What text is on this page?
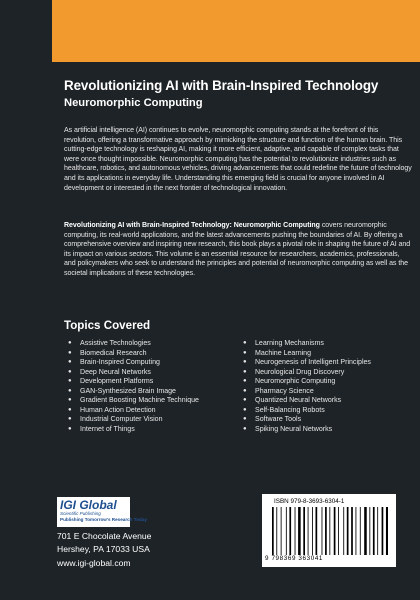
Revolutionizing AI with Brain-Inspired Technology
Neuromorphic Computing

As artificial intelligence (AI) continues to evolve, neuromorphic computing stands at the forefront of this revolution, offering a transformative approach by mimicking the structure and function of the human brain. This cutting-edge technology is reshaping AI, making it more efficient, adaptive, and capable of complex tasks that were once thought impossible. Neuromorphic computing has the potential to revolutionize industries such as healthcare, robotics, and autonomous vehicles, driving advancements that could redefine the future of technology and its applications in everyday life. Understanding this emerging field is crucial for anyone involved in AI development or interested in the next frontier of technological innovation.

Revolutionizing AI with Brain-Inspired Technology: Neuromorphic Computing covers neuromorphic computing, its real-world applications, and the latest advancements pushing the boundaries of AI. By offering a comprehensive overview and inspiring new research, this book plays a pivotal role in shaping the future of AI and its impact on various sectors. This volume is an essential resource for researchers, academics, professionals, and policymakers who seek to understand the principles and potential of neuromorphic computing as well as the societal implications of these technologies.

Topics Covered
● Assistive Technologies
● Biomedical Research
● Brain-Inspired Computing
● Deep Neural Networks
● Development Platforms
● GAN-Synthesized Brain Image
● Gradient Boosting Machine Technique
● Human Action Detection
● Industrial Computer Vision
● Internet of Things
● Learning Mechanisms
● Machine Learning
● Neurogenesis of Intelligent Principles
● Neurological Drug Discovery
● Neuromorphic Computing
● Pharmacy Science
● Quantized Neural Networks
● Self-Balancing Robots
● Software Tools
● Spiking Neural Networks
IGI Global
Scientific Publishing
Publishing Tomorrow's Research Today
701 E Chocolate Avenue
Hershey, PA 17033 USA
www.igi-global.com
ISBN 979-8-3693-6304-1
9 798369 363041
